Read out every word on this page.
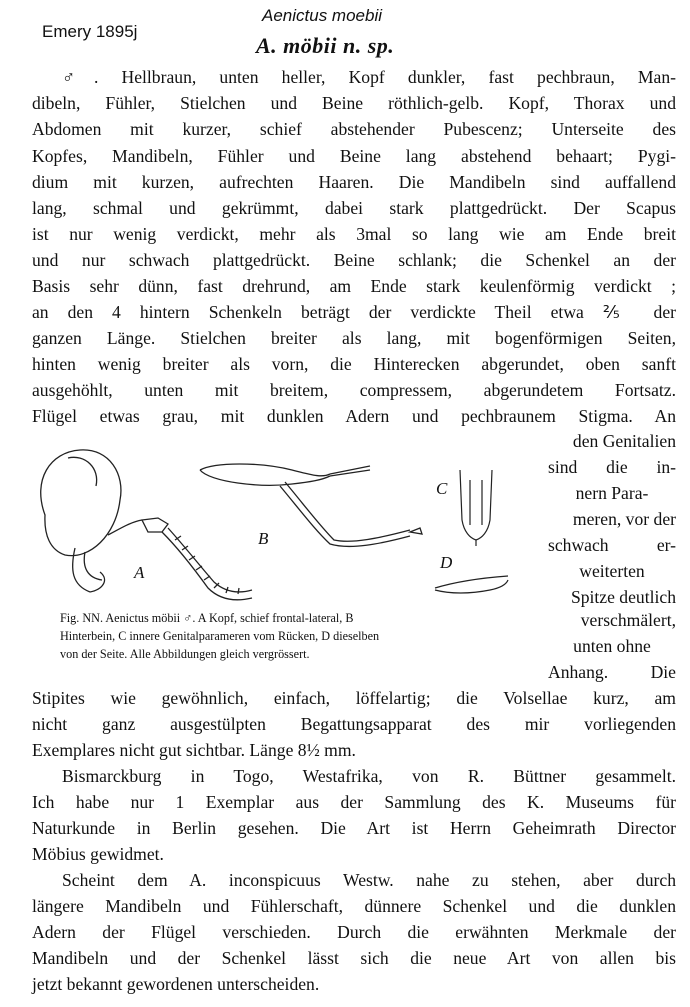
Emery 1895j
Aenictus moebii
A. möbii n. sp.
♂. Hellbraun, unten heller, Kopf dunkler, fast pechbraun, Man-
dibeln, Fühler, Stielchen und Beine röthlich-gelb. Kopf, Thorax und
Abdomen mit kurzer, schief abstehender Pubescenz; Unterseite des
Kopfes, Mandibeln, Fühler und Beine lang abstehend behaart; Pygi-
dium mit kurzen, aufrechten Haaren. Die Mandibeln sind auffallend
lang, schmal und gekrümmt, dabei stark plattgedrückt. Der Scapus
ist nur wenig verdickt, mehr als 3mal so lang wie am Ende breit
und nur schwach plattgedrückt. Beine schlank; die Schenkel an der
Basis sehr dünn, fast drehrund, am Ende stark keulenförmig verdickt ;
an den 4 hintern Schenkeln beträgt der verdickte Theil etwa ⅖ der
ganzen Länge. Stielchen breiter als lang, mit bogenförmigen Seiten,
hinten wenig breiter als vorn, die Hinterecken abgerundet, oben sanft
ausgehöhlt, unten mit breitem, compressem, abgerundetem Fortsatz.
Flügel etwas grau, mit dunklen Adern und pechbraunem Stigma. An
A
B
C
D
Fig. NN. Aenictus möbii ♂. A Kopf, schief frontal-lateral, B
Hinterbein, C innere Genitalparameren vom Rücken, D dieselben
von der Seite. Alle Abbildungen gleich vergrössert.
den Genitalien
sind die in-
nern Para-
meren, vor der
schwach er-
weiterten
Spitze deutlich
verschmälert,
unten ohne
Anhang. Die
Stipites wie gewöhnlich, einfach, löffelartig; die Volsellae kurz, am
nicht ganz ausgestülpten Begattungsapparat des mir vorliegenden
Exemplares nicht gut sichtbar. Länge 8½ mm.
Bismarckburg in Togo, Westafrika, von R. Büttner gesammelt.
Ich habe nur 1 Exemplar aus der Sammlung des K. Museums für
Naturkunde in Berlin gesehen. Die Art ist Herrn Geheimrath Director
Möbius gewidmet.
Scheint dem A. inconspicuus Westw. nahe zu stehen, aber durch
längere Mandibeln und Fühlerschaft, dünnere Schenkel und die dunklen
Adern der Flügel verschieden. Durch die erwähnten Merkmale der
Mandibeln und der Schenkel lässt sich die neue Art von allen bis
jetzt bekannt gewordenen unterscheiden.
